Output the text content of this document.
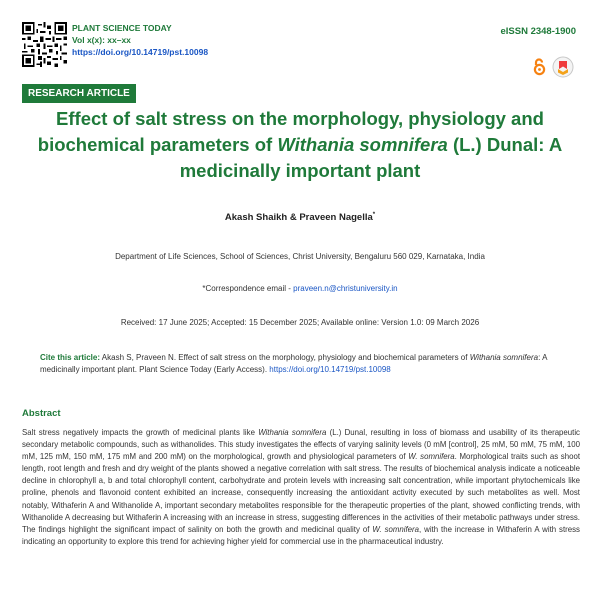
PLANT SCIENCE TODAY
Vol x(x): xx–xx
https://doi.org/10.14719/pst.10098
eISSN 2348-1900
RESEARCH ARTICLE
Effect of salt stress on the morphology, physiology and biochemical parameters of Withania somnifera (L.) Dunal: A medicinally important plant
Akash Shaikh & Praveen Nagella*
Department of Life Sciences, School of Sciences, Christ University, Bengaluru 560 029, Karnataka, India
*Correspondence email - praveen.n@christuniversity.in
Received: 17 June 2025; Accepted: 15 December 2025; Available online: Version 1.0: 09 March 2026
Cite this article: Akash S, Praveen N. Effect of salt stress on the morphology, physiology and biochemical parameters of Withania somnifera: A medicinally important plant. Plant Science Today (Early Access). https://doi.org/10.14719/pst.10098
Abstract
Salt stress negatively impacts the growth of medicinal plants like Withania somnifera (L.) Dunal, resulting in loss of biomass and usability of its therapeutic secondary metabolic compounds, such as withanolides. This study investigates the effects of varying salinity levels (0 mM [control], 25 mM, 50 mM, 75 mM, 100 mM, 125 mM, 150 mM, 175 mM and 200 mM) on the morphological, growth and physiological parameters of W. somnifera. Morphological traits such as shoot length, root length and fresh and dry weight of the plants showed a negative correlation with salt stress. The results of biochemical analysis indicate a noticeable decline in chlorophyll a, b and total chlorophyll content, carbohydrate and protein levels with increasing salt concentration, while important phytochemicals like proline, phenols and flavonoid content exhibited an increase, consequently increasing the antioxidant activity executed by such metabolites as well. Most notably, Withaferin A and Withanolide A, important secondary metabolites responsible for the therapeutic properties of the plant, showed conflicting trends, with Withanolide A decreasing but Withaferin A increasing with an increase in stress, suggesting differences in the activities of their metabolic pathways under stress. The findings highlight the significant impact of salinity on both the growth and medicinal quality of W. somnifera, with the increase in Withaferin A with stress indicating an opportunity to explore this trend for achieving higher yield for commercial use in the pharmaceutical industry.
